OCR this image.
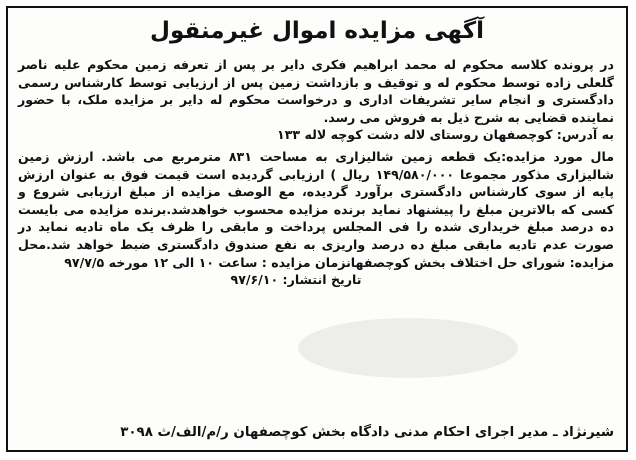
آگهی مزایده اموال غیرمنقول

در پرونده کلاسه محکوم له محمد ابراهیم فکری دایر بر پس از تعرفه زمین محکوم علیه ناصر گلعلی زاده توسط محکوم له و توقیف و بازداشت زمین پس از ارزیابی توسط کارشناس رسمی دادگستری و انجام سایر تشریفات اداری و درخواست محکوم له دایر بر مزایده ملک، با حضور نماینده قضایی به شرح ذیل به فروش می رسد.

به آدرس: کوچصفهان روستای لاله دشت کوچه لاله ۱۳۳

مال مورد مزایده:یک قطعه زمین شالیزاری به مساحت ۸۳۱ مترمربع می باشد. ارزش زمین شالیزاری مذکور مجموعا ۱۴۹/۵۸۰/۰۰۰ ریال ) ارزیابی گردیده است قیمت فوق به عنوان ارزش پایه از سوی کارشناس دادگستری برآورد گردیده، مع الوصف مزایده از مبلغ ارزیابی شروع و کسی که بالاترین مبلغ را پیشنهاد نماید برنده مزایده محسوب خواهدشد.برنده مزایده می بایست ده درصد مبلغ خریداری شده را فی المجلس پرداخت و مابقی را ظرف یک ماه تادیه نماید در صورت عدم تادیه مابقی مبلغ ده درصد واریزی به نفع صندوق دادگستری ضبط خواهد شد.محل مزایده: شورای حل اختلاف بخش کوچصفهانزمان مزایده : ساعت ۱۰ الی ۱۲ مورخه ۹۷/۷/۵

تاریخ انتشار: ۹۷/۶/۱۰

شیرنژاد ـ مدیر اجرای احکام مدنی دادگاه بخش کوچصفهان ر/م/الف/ث ۳۰۹۸
